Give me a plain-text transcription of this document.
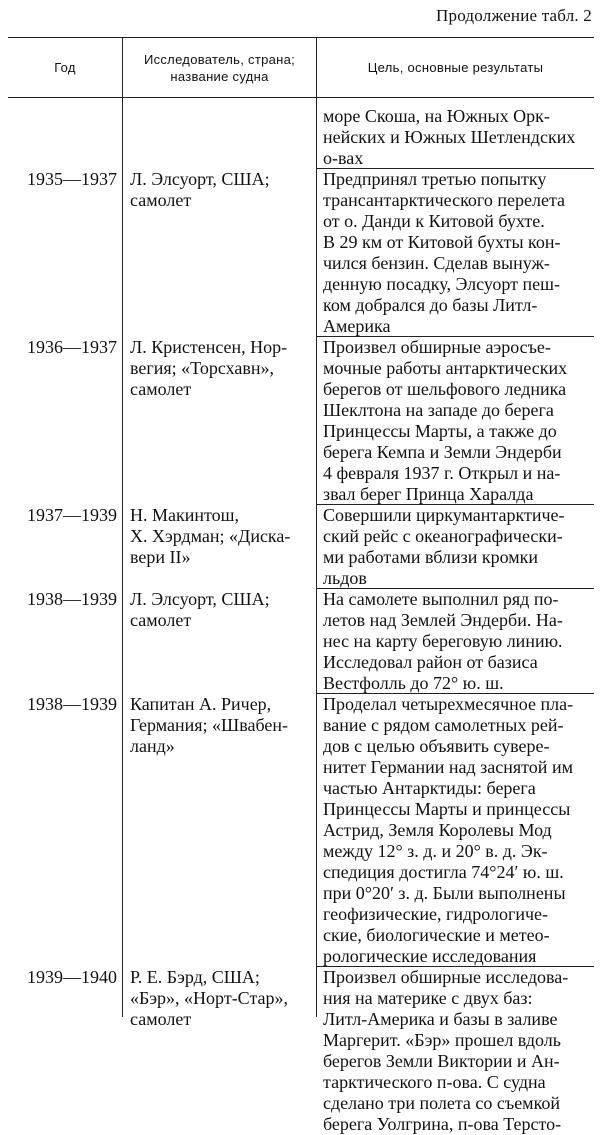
Продолжение табл. 2
Год
Исследователь, страна;
название судна
Цель, основные результаты
море Скоша, на Южных Орк-
нейских и Южных Шетлендских
о-вах
1935—1937 Л. Элсуорт, США;
самолет
Предпринял третью попытку
трансантарктического перелета
от о. Данди к Китовой бухте.
В 29 км от Китовой бухты кон-
чился бензин. Сделав вынуж-
денную посадку, Элсуорт пеш-
ком добрался до базы Литл-
Америка
1936—1937 Л. Кристенсен, Нор-
вегия; «Торсхавн»,
самолет
Произвел обширные аэросъе-
мочные работы антарктических
берегов от шельфового ледника
Шеклтона на западе до берега
Принцессы Марты, а также до
берега Кемпа и Земли Эндерби
4 февраля 1937 г. Открыл и на-
звал берег Принца Харалда
1937—1939 Н. Макинтош,
Х. Хэрдман; «Диска-
вери II»
Совершили циркумантарктиче-
ский рейс с океанографически-
ми работами вблизи кромки
льдов
1938—1939 Л. Элсуорт, США;
самолет
На самолете выполнил ряд по-
летов над Землей Эндерби. На-
нес на карту береговую линию.
Исследовал район от базиса
Вестфолль до 72° ю. ш.
1938—1939 Капитан А. Ричер,
Германия; «Швабен-
ланд»
Проделал четырехмесячное пла-
вание с рядом самолетных рей-
дов с целью объявить сувере-
нитет Германии над заснятой им
частью Антарктиды: берега
Принцессы Марты и принцессы
Астрид, Земля Королевы Мод
между 12° з. д. и 20° в. д. Эк-
спедиция достигла 74°24′ ю. ш.
при 0°20′ з. д. Были выполнены
геофизические, гидрологиче-
ские, биологические и метео-
рологические исследования
1939—1940 Р. Е. Бэрд, США;
«Бэр», «Норт-Стар»,
самолет
Произвел обширные исследова-
ния на материке с двух баз:
Литл-Америка и базы в заливе
Маргерит. «Бэр» прошел вдоль
берегов Земли Виктории и Ан-
тарктического п-ова. С судна
сделано три полета со съемкой
берега Уолгрина, п-ова Терсто-
